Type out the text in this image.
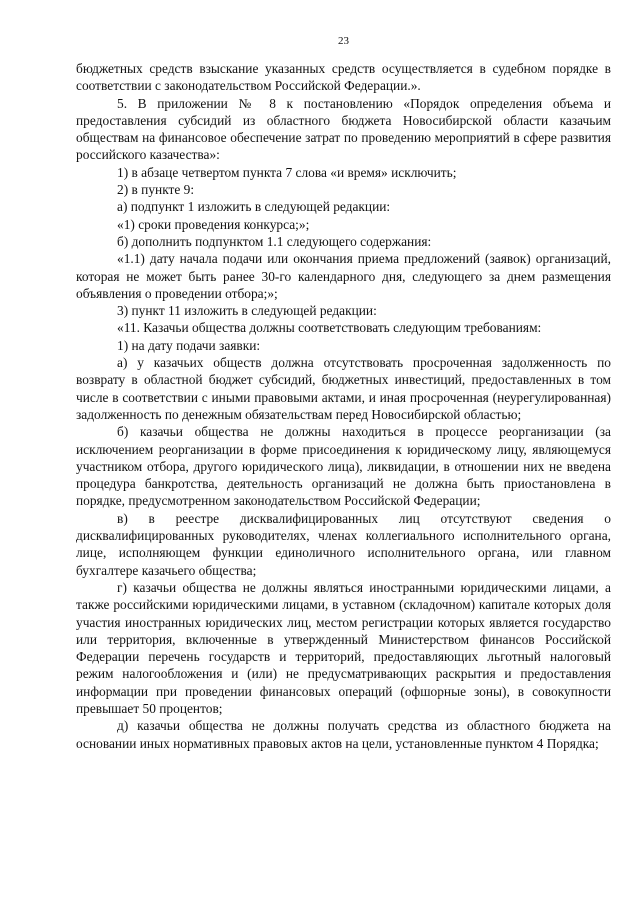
23

бюджетных средств взыскание указанных средств осуществляется в судебном порядке в соответствии с законодательством Российской Федерации.».

5. В приложении № 8 к постановлению «Порядок определения объема и предоставления субсидий из областного бюджета Новосибирской области казачьим обществам на финансовое обеспечение затрат по проведению мероприятий в сфере развития российского казачества»:

1) в абзаце четвертом пункта 7 слова «и время» исключить;

2) в пункте 9:

а) подпункт 1 изложить в следующей редакции:

«1) сроки проведения конкурса;»;

б) дополнить подпунктом 1.1 следующего содержания:

«1.1) дату начала подачи или окончания приема предложений (заявок) организаций, которая не может быть ранее 30-го календарного дня, следующего за днем размещения объявления о проведении отбора;»;

3) пункт 11 изложить в следующей редакции:

«11. Казачьи общества должны соответствовать следующим требованиям:

1) на дату подачи заявки:

а) у казачьих обществ должна отсутствовать просроченная задолженность по возврату в областной бюджет субсидий, бюджетных инвестиций, предоставленных в том числе в соответствии с иными правовыми актами, и иная просроченная (неурегулированная) задолженность по денежным обязательствам перед Новосибирской областью;

б) казачьи общества не должны находиться в процессе реорганизации (за исключением реорганизации в форме присоединения к юридическому лицу, являющемуся участником отбора, другого юридического лица), ликвидации, в отношении них не введена процедура банкротства, деятельность организаций не должна быть приостановлена в порядке, предусмотренном законодательством Российской Федерации;

в) в реестре дисквалифицированных лиц отсутствуют сведения о дисквалифицированных руководителях, членах коллегиального исполнительного органа, лице, исполняющем функции единоличного исполнительного органа, или главном бухгалтере казачьего общества;

г) казачьи общества не должны являться иностранными юридическими лицами, а также российскими юридическими лицами, в уставном (складочном) капитале которых доля участия иностранных юридических лиц, местом регистрации которых является государство или территория, включенные в утвержденный Министерством финансов Российской Федерации перечень государств и территорий, предоставляющих льготный налоговый режим налогообложения и (или) не предусматривающих раскрытия и предоставления информации при проведении финансовых операций (офшорные зоны), в совокупности превышает 50 процентов;

д) казачьи общества не должны получать средства из областного бюджета на основании иных нормативных правовых актов на цели, установленные пунктом 4 Порядка;
